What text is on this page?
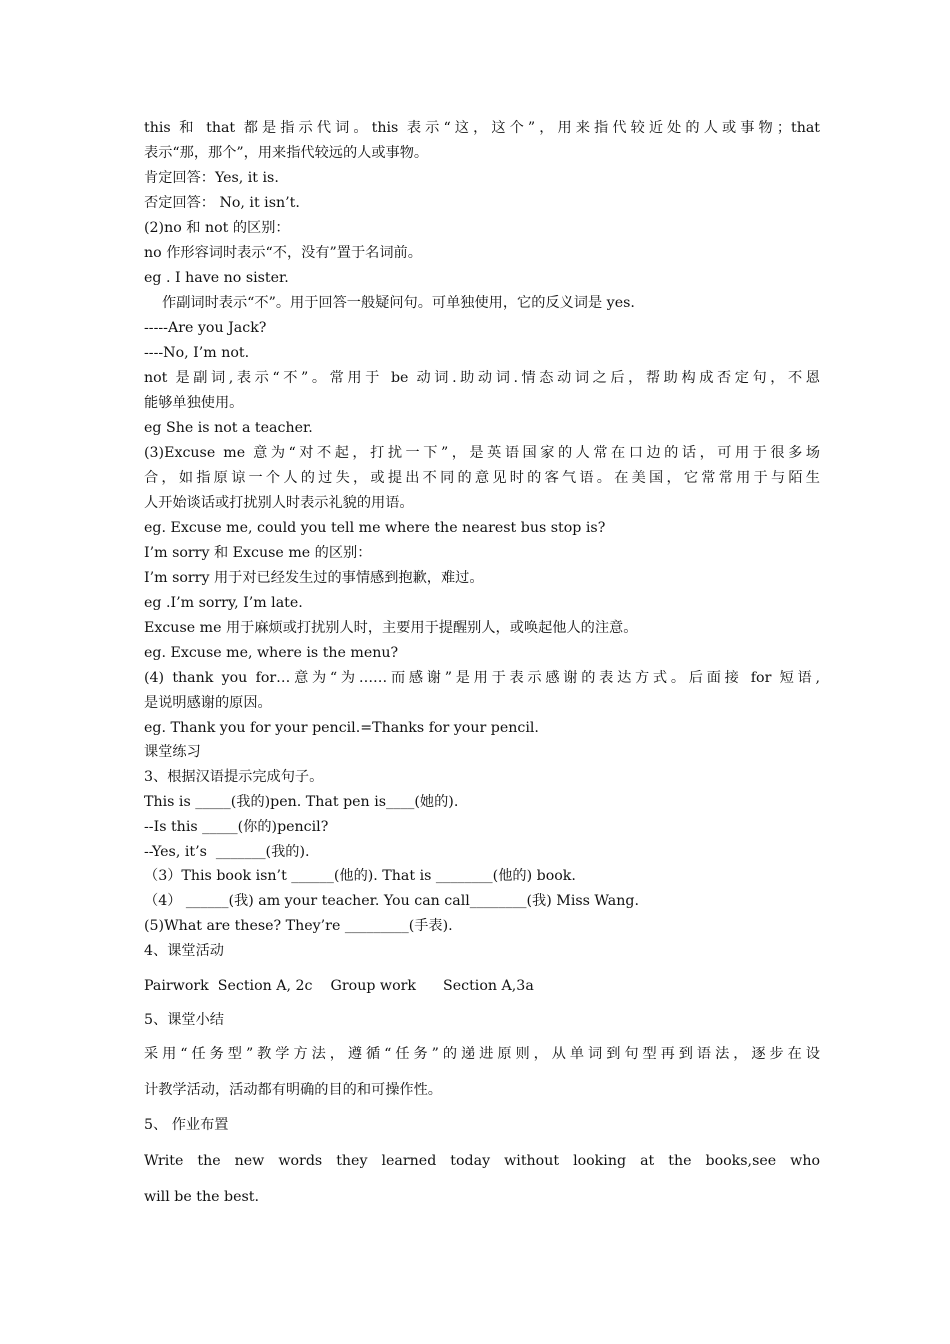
this 和 that 都是指示代词。this 表示“这，这个”，用来指代较近处的人或事物；that
表示“那，那个”，用来指代较远的人或事物。
肯定回答：Yes, it is.
否定回答： No, it isn’t.
(2)no 和 not 的区别：
no 作形容词时表示“不，没有”置于名词前。
eg . I have no sister.
作副词时表示“不”。用于回答一般疑问句。可单独使用，它的反义词是 yes.
-----Are you Jack?
----No, I’m not.
not 是副词,表示“不”。常用于 be 动词.助动词.情态动词之后，帮助构成否定句，不恩
能够单独使用。
eg She is not a teacher.
(3)Excuse me 意为“对不起，打扰一下”，是英语国家的人常在口边的话，可用于很多场
合，如指原谅一个人的过失，或提出不同的意见时的客气语。在美国，它常常用于与陌生
人开始谈话或打扰别人时表示礼貌的用语。
eg. Excuse me, could you tell me where the nearest bus stop is?
I’m sorry 和 Excuse me 的区别：
I’m sorry 用于对已经发生过的事情感到抱歉，难过。
eg .I’m sorry, I’m late.
Excuse me 用于麻烦或打扰别人时，主要用于提醒别人，或唤起他人的注意。
eg. Excuse me, where is the menu?
(4) thank you for…意为“为……而感谢”是用于表示感谢的表达方式。后面接 for 短语,
是说明感谢的原因。
eg. Thank you for your pencil.=Thanks for your pencil.
课堂练习
3、根据汉语提示完成句子。
This is _____(我的)pen. That pen is____(她的).
--Is this _____(你的)pencil?
--Yes, it’s  _______(我的).
（3）This book isn’t ______(他的). That is ________(他的) book.
（4） ______(我) am your teacher. You can call________(我) Miss Wang.
(5)What are these? They’re _________(手表).
4、课堂活动
Pairwork  Section A, 2c    Group work      Section A,3a
5、课堂小结
采用“任务型”教学方法，遵循“任务”的递进原则，从单词到句型再到语法，逐步在设
计教学活动，活动都有明确的目的和可操作性。
5、 作业布置
Write the new words they learned today without looking at the books,see who
will be the best.
